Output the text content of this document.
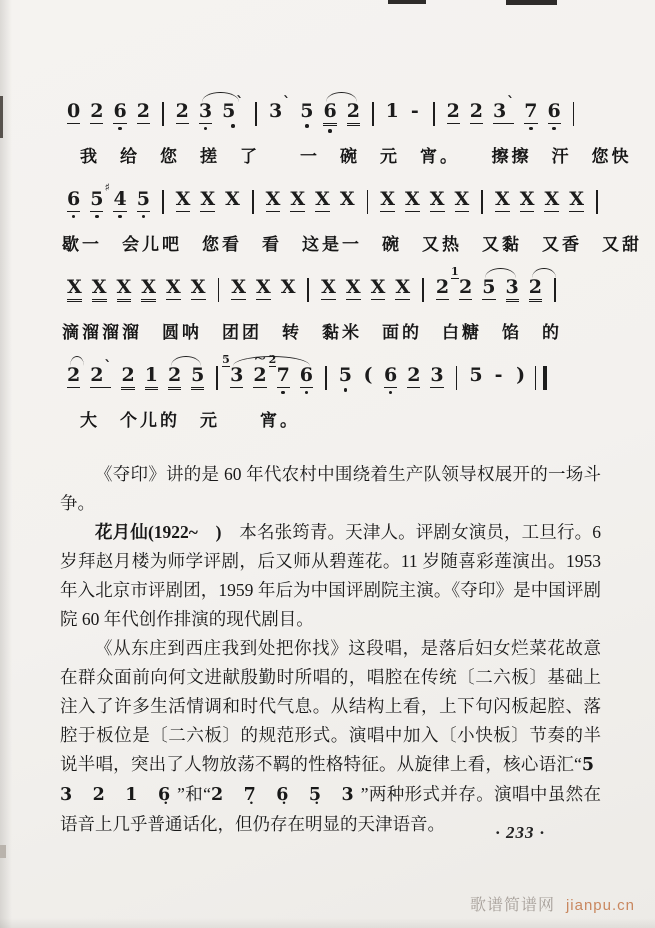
0 2 6 2 2 3 5 ˋ 3 ˋ 5 6 2 1 - 2 2 3 ˋ 7 6
我　给　您　搓　了　　一　碗　元　宵。　　擦擦　汗　您快
6 5
♯
4 5 X X X X X X X X X X X X X X X
歇一　会儿吧　您看　看　这是一　碗　又热　又黏　又香　又甜
X X X X X X X X X X X X X 2
1
2 5 3 2
滴溜溜溜　圆呐　团团　转　黏米　面的　白糖　馅　的
2 2 ˋ 2 1 2 5
5
3
~
2
2
7 6 5 ( 6 2 3 5 - )
大　个儿的　元　　宵。

《夺印》讲的是 60 年代农村中围绕着生产队领导权展开的一场斗争。

花月仙(1922~　)　本名张筠青。天津人。评剧女演员，工旦行。6 岁拜赵月楼为师学评剧，后又师从碧莲花。11 岁随喜彩莲演出。1953 年入北京市评剧团，1959 年后为中国评剧院主演。《夺印》是中国评剧院 60 年代创作排演的现代剧目。

《从东庄到西庄我到处把你找》这段唱，是落后妇女烂菜花故意在群众面前向何文进献殷勤时所唱的，唱腔在传统〔二六板〕基础上注入了许多生活情调和时代气息。从结构上看，上下句闪板起腔、落腔于板位是〔二六板〕的规范形式。演唱中加入〔小快板〕节奏的半说半唱，突出了人物放荡不羁的性格特征。从旋律上看，核心语汇“5 3 2 1 6̣”和“2 7̣ 6̣ 5̣ 3”两种形式并存。演唱中虽然在语音上几乎普通话化，但仍存在明显的天津语音。	· 233 ·
歌谱简谱网 jianpu.cn
